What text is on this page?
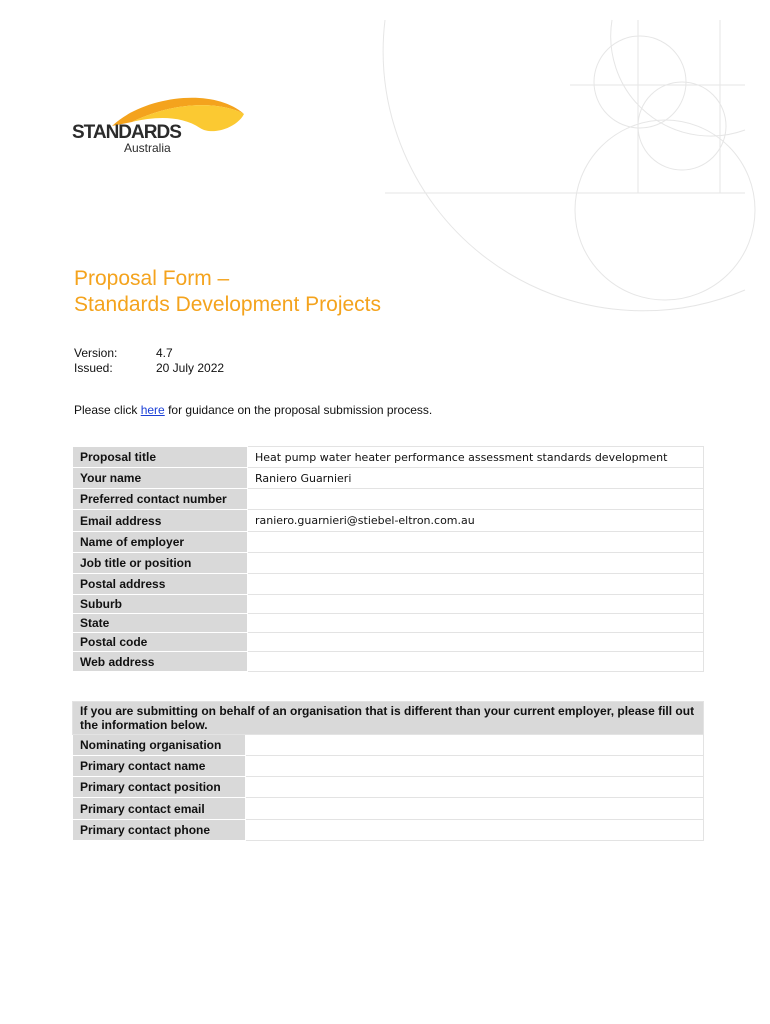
STANDARDS
Australia
Proposal Form –
Standards Development Projects
Version:	4.7
Issued:	20 July 2022
Please click here for guidance on the proposal submission process.
Proposal title	Heat pump water heater performance assessment standards development
Your name	Raniero Guarnieri
Preferred contact number	
Email address	raniero.guarnieri@stiebel-eltron.com.au
Name of employer	
Job title or position	
Postal address	
Suburb	
State	
Postal code	
Web address	
If you are submitting on behalf of an organisation that is different than your current employer, please fill out the information below.	
Nominating organisation	
Primary contact name	
Primary contact position	
Primary contact email	
Primary contact phone	
